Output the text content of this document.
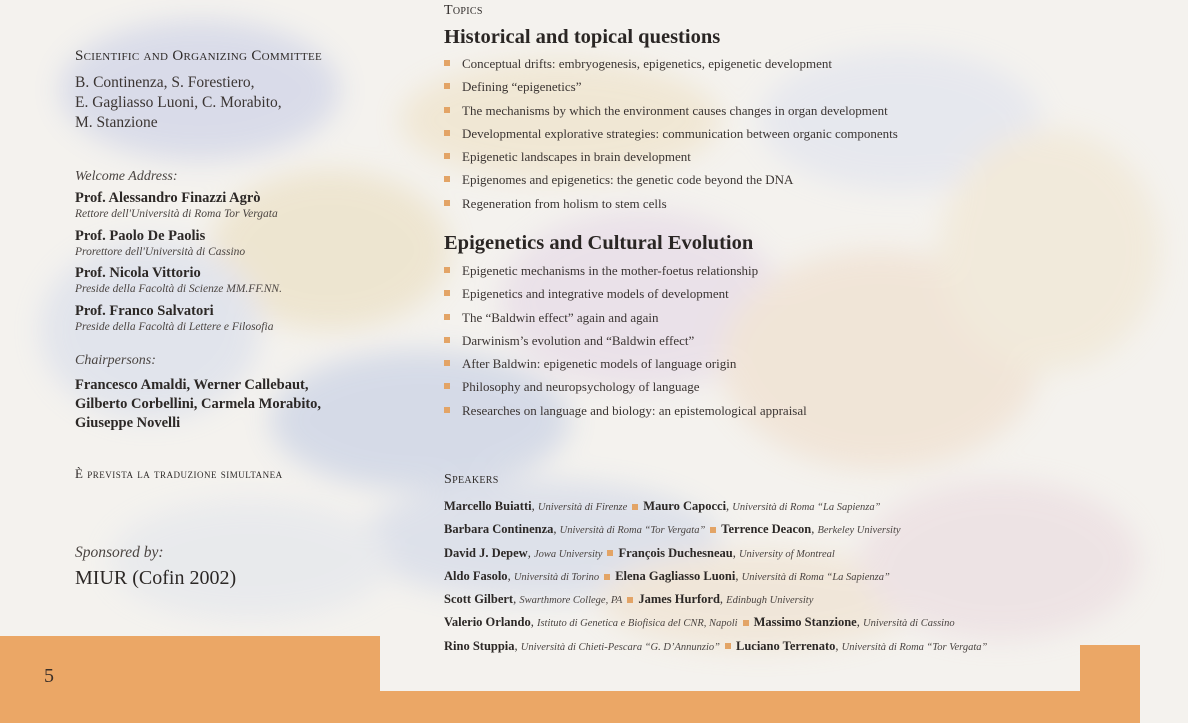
Scientific and Organizing Committee
B. Continenza, S. Forestiero,
E. Gagliasso Luoni, C. Morabito,
M. Stanzione
Welcome Address:
Prof. Alessandro Finazzi Agrò
Rettore dell'Università di Roma Tor Vergata
Prof. Paolo De Paolis
Prorettore dell'Università di Cassino
Prof. Nicola Vittorio
Preside della Facoltà di Scienze MM.FF.NN.
Prof. Franco Salvatori
Preside della Facoltà di Lettere e Filosofia
Chairpersons:
Francesco Amaldi, Werner Callebaut,
Gilberto Corbellini, Carmela Morabito,
Giuseppe Novelli
È prevista la traduzione simultanea
Sponsored by:
MIUR (Cofin 2002)
Topics
Historical and topical questions
Conceptual drifts: embryogenesis, epigenetics, epigenetic development
Defining “epigenetics”
The mechanisms by which the environment causes changes in organ development
Developmental explorative strategies: communication between organic components
Epigenetic landscapes in brain development
Epigenomes and epigenetics: the genetic code beyond the DNA
Regeneration from holism to stem cells
Epigenetics and Cultural Evolution
Epigenetic mechanisms in the mother-foetus relationship
Epigenetics and integrative models of development
The “Baldwin effect” again and again
Darwinism’s evolution and “Baldwin effect”
After Baldwin: epigenetic models of language origin
Philosophy and neuropsychology of language
Researches on language and biology: an epistemological appraisal
Speakers
Marcello Buiatti, Università di Firenze Mauro Capocci, Università di Roma “La Sapienza”
Barbara Continenza, Università di Roma “Tor Vergata” Terrence Deacon, Berkeley University
David J. Depew, Jowa University François Duchesneau, University of Montreal
Aldo Fasolo, Università di Torino Elena Gagliasso Luoni, Università di Roma “La Sapienza”
Scott Gilbert, Swarthmore College, PA James Hurford, Edinbugh University
Valerio Orlando, Istituto di Genetica e Biofisica del CNR, Napoli Massimo Stanzione, Università di Cassino
Rino Stuppia, Università di Chieti-Pescara “G. D’Annunzio” Luciano Terrenato, Università di Roma “Tor Vergata”
5
